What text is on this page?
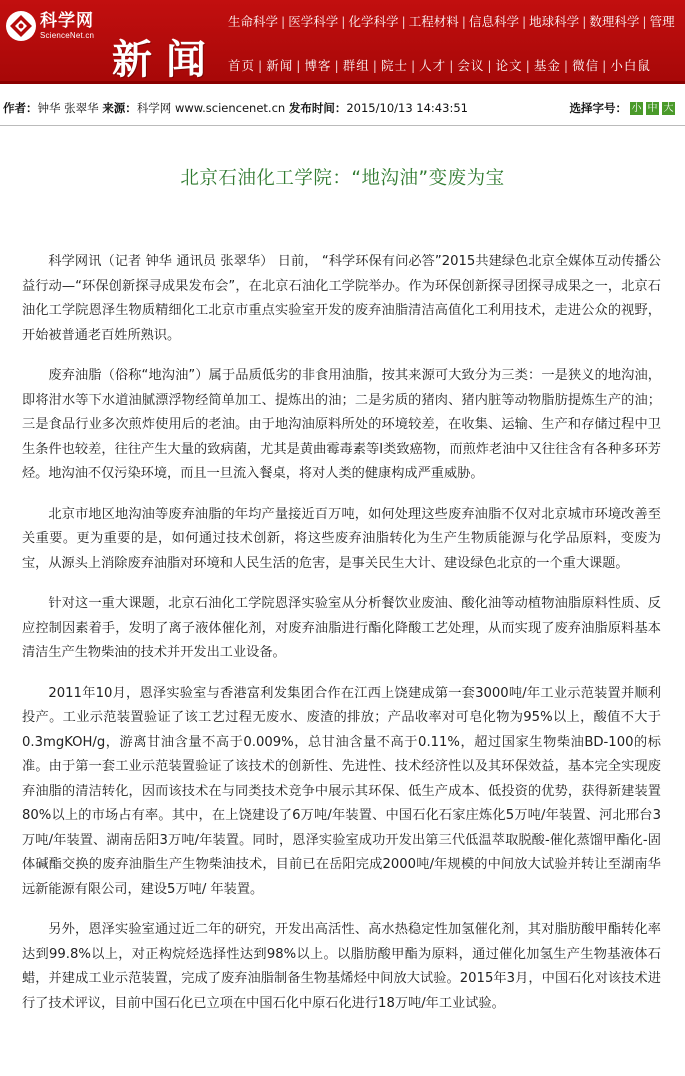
科学网
ScienceNet.cn
新闻
生命科学 | 医学科学 | 化学科学 | 工程材料 | 信息科学 | 地球科学 | 数理科学 | 管理
首页 | 新闻 | 博客 | 群组 | 院士 | 人才 | 会议 | 论文 | 基金 | 微信 | 小白鼠
作者：钟华 张翠华 来源：科学网 www.sciencenet.cn 发布时间：2015/10/13 14:43:51	选择字号： 小 中 大
北京石油化工学院：“地沟油”变废为宝

科学网讯（记者 钟华 通讯员 张翠华） 日前， “科学环保有问必答”2015共建绿色北京全媒体互动传播公益行动—“环保创新探寻成果发布会”，在北京石油化工学院举办。作为环保创新探寻团探寻成果之一，北京石油化工学院恩泽生物质精细化工北京市重点实验室开发的废弃油脂清洁高值化工利用技术，走进公众的视野，开始被普通老百姓所熟识。

废弃油脂（俗称“地沟油”）属于品质低劣的非食用油脂，按其来源可大致分为三类：一是狭义的地沟油，即将泔水等下水道油腻漂浮物经简单加工、提炼出的油；二是劣质的猪肉、猪内脏等动物脂肪提炼生产的油；三是食品行业多次煎炸使用后的老油。由于地沟油原料所处的环境较差，在收集、运输、生产和存储过程中卫生条件也较差，往往产生大量的致病菌，尤其是黄曲霉毒素等I类致癌物，而煎炸老油中又往往含有各种多环芳烃。地沟油不仅污染环境，而且一旦流入餐桌，将对人类的健康构成严重威胁。

北京市地区地沟油等废弃油脂的年均产量接近百万吨，如何处理这些废弃油脂不仅对北京城市环境改善至关重要。更为重要的是，如何通过技术创新，将这些废弃油脂转化为生产生物质能源与化学品原料，变废为宝，从源头上消除废弃油脂对环境和人民生活的危害，是事关民生大计、建设绿色北京的一个重大课题。

针对这一重大课题，北京石油化工学院恩泽实验室从分析餐饮业废油、酸化油等动植物油脂原料性质、反应控制因素着手，发明了离子液体催化剂，对废弃油脂进行酯化降酸工艺处理，从而实现了废弃油脂原料基本清洁生产生物柴油的技术并开发出工业设备。

2011年10月，恩泽实验室与香港富利发集团合作在江西上饶建成第一套3000吨/年工业示范装置并顺利投产。工业示范装置验证了该工艺过程无废水、废渣的排放；产品收率对可皂化物为95%以上，酸值不大于0.3mgKOH/g，游离甘油含量不高于0.009%，总甘油含量不高于0.11%，超过国家生物柴油BD-100的标准。由于第一套工业示范装置验证了该技术的创新性、先进性、技术经济性以及其环保效益，基本完全实现废弃油脂的清洁转化，因而该技术在与同类技术竞争中展示其环保、低生产成本、低投资的优势，获得新建装置80%以上的市场占有率。其中，在上饶建设了6万吨/年装置、中国石化石家庄炼化5万吨/年装置、河北邢台3万吨/年装置、湖南岳阳3万吨/年装置。同时，恩泽实验室成功开发出第三代低温萃取脱酸-催化蒸馏甲酯化-固体碱酯交换的废弃油脂生产生物柴油技术，目前已在岳阳完成2000吨/年规模的中间放大试验并转让至湖南华远新能源有限公司，建设5万吨/ 年装置。

另外，恩泽实验室通过近二年的研究，开发出高活性、高水热稳定性加氢催化剂，其对脂肪酸甲酯转化率达到99.8%以上，对正构烷烃选择性达到98%以上。以脂肪酸甲酯为原料，通过催化加氢生产生物基液体石蜡，并建成工业示范装置，完成了废弃油脂制备生物基烯烃中间放大试验。2015年3月，中国石化对该技术进行了技术评议，目前中国石化已立项在中国石化中原石化进行18万吨/年工业试验。
